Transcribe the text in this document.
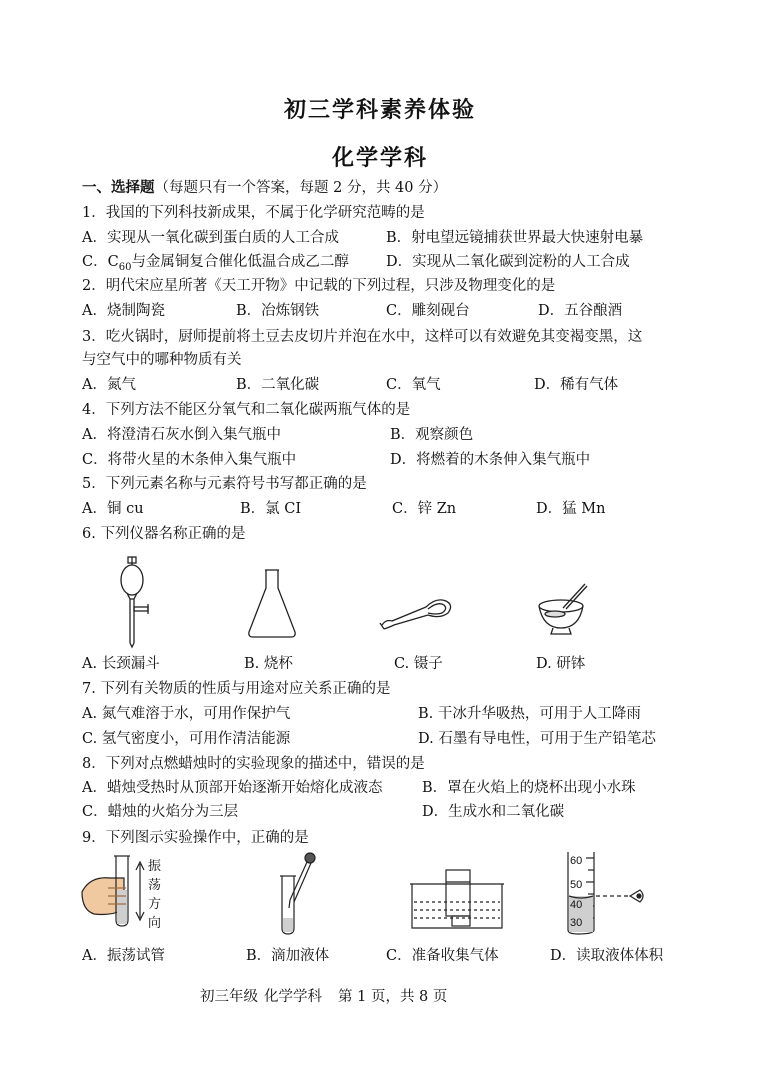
初三学科素养体验
化学学科
一、选择题（每题只有一个答案，每题 2 分，共 40 分）
1．我国的下列科技新成果，不属于化学研究范畴的是
A．实现从一氧化碳到蛋白质的人工合成	B．射电望远镜捕获世界最大快速射电暴
C．$C_{60}$与金属铜复合催化低温合成乙二醇	D．实现从二氧化碳到淀粉的人工合成
2．明代宋应星所著《天工开物》中记载的下列过程，只涉及物理变化的是
A．烧制陶瓷	B．冶炼钢铁	C．雕刻砚台	D．五谷酿酒
3．吃火锅时，厨师提前将土豆去皮切片并泡在水中，这样可以有效避免其变褐变黑，这
与空气中的哪种物质有关
A．氮气	B．二氧化碳	C．氧气	D．稀有气体
4．下列方法不能区分氧气和二氧化碳两瓶气体的是
A．将澄清石灰水倒入集气瓶中	B．观察颜色
C．将带火星的木条伸入集气瓶中	D．将燃着的木条伸入集气瓶中
5．下列元素名称与元素符号书写都正确的是
A．铜 cu	B．氯 CI	C．锌 Zn	D．猛 Mn
6. 下列仪器名称正确的是
A. 长颈漏斗	B. 烧杯	C. 镊子	D. 研钵
7. 下列有关物质的性质与用途对应关系正确的是
A. 氮气难溶于水，可用作保护气	B. 干冰升华吸热，可用于人工降雨
C. 氢气密度小，可用作清洁能源	D. 石墨有导电性，可用于生产铅笔芯
8．下列对点燃蜡烛时的实验现象的描述中，错误的是
A．蜡烛受热时从顶部开始逐渐开始熔化成液态	B．罩在火焰上的烧杯出现小水珠
C．蜡烛的火焰分为三层	D．生成水和二氧化碳
9．下列图示实验操作中，正确的是
振
荡
方
向
60
50
40
30
A．振荡试管	B．滴加液体	C．准备收集气体	D．读取液体体积
初三年级 化学学科 第 1 页，共 8 页
